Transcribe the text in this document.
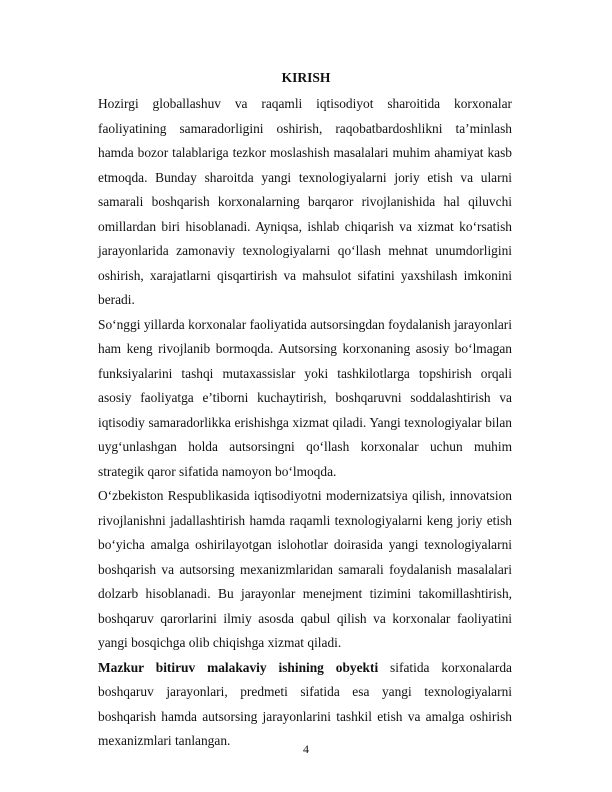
KIRISH

Hozirgi globallashuv va raqamli iqtisodiyot sharoitida korxonalar faoliyatining samaradorligini oshirish, raqobatbardoshlikni ta’minlash hamda bozor talablariga tezkor moslashish masalalari muhim ahamiyat kasb etmoqda. Bunday sharoitda yangi texnologiyalarni joriy etish va ularni samarali boshqarish korxonalarning barqaror rivojlanishida hal qiluvchi omillardan biri hisoblanadi. Ayniqsa, ishlab chiqarish va xizmat ko‘rsatish jarayonlarida zamonaviy texnologiyalarni qo‘llash mehnat unumdorligini oshirish, xarajatlarni qisqartirish va mahsulot sifatini yaxshilash imkonini beradi.

So‘nggi yillarda korxonalar faoliyatida autsorsingdan foydalanish jarayonlari ham keng rivojlanib bormoqda. Autsorsing korxonaning asosiy bo‘lmagan funksiyalarini tashqi mutaxassislar yoki tashkilotlarga topshirish orqali asosiy faoliyatga e’tiborni kuchaytirish, boshqaruvni soddalashtirish va iqtisodiy samaradorlikka erishishga xizmat qiladi. Yangi texnologiyalar bilan uyg‘unlashgan holda autsorsingni qo‘llash korxonalar uchun muhim strategik qaror sifatida namoyon bo‘lmoqda.

O‘zbekiston Respublikasida iqtisodiyotni modernizatsiya qilish, innovatsion rivojlanishni jadallashtirish hamda raqamli texnologiyalarni keng joriy etish bo‘yicha amalga oshirilayotgan islohotlar doirasida yangi texnologiyalarni boshqarish va autsorsing mexanizmlaridan samarali foydalanish masalalari dolzarb hisoblanadi. Bu jarayonlar menejment tizimini takomillashtirish, boshqaruv qarorlarini ilmiy asosda qabul qilish va korxonalar faoliyatini yangi bosqichga olib chiqishga xizmat qiladi.

Mazkur bitiruv malakaviy ishining obyekti sifatida korxonalarda boshqaruv jarayonlari, predmeti sifatida esa yangi texnologiyalarni boshqarish hamda autsorsing jarayonlarini tashkil etish va amalga oshirish mexanizmlari tanlangan.

4
